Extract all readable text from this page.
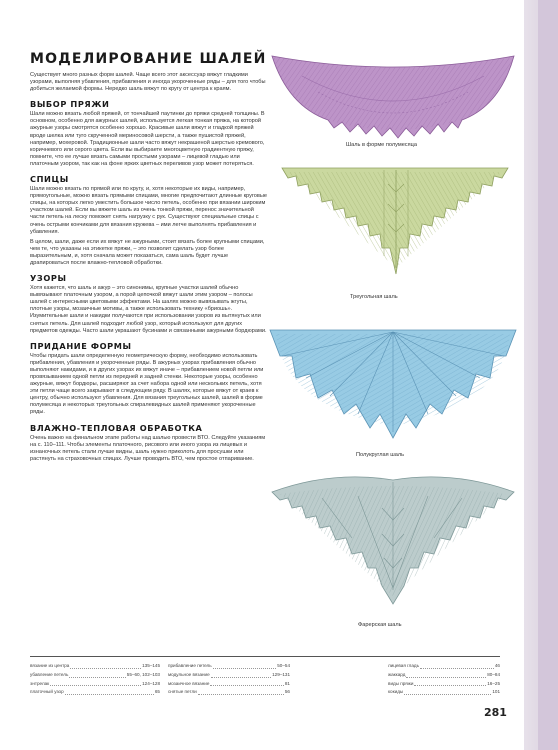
МОДЕЛИРОВАНИЕ ШАЛЕЙ

Существует много разных форм шалей. Чаще всего этот аксессуар вяжут гладкими узорами, выполняя убавления, прибавления и иногда укороченные ряды – для того чтобы добиться желаемой формы. Нередко шаль вяжут по кругу от центра к краям.

ВЫБОР ПРЯЖИ

Шали можно вязать любой пряжей, от тончайшей паутинки до пряжи средней толщины. В основном, особенно для ажурных шалей, используется легкая тонкая пряжа, на которой ажурные узоры смотрятся особенно хорошо. Красивые шали вяжут и гладкой пряжей вроде шелка или туго скрученной мериносовой шерсти, а также пушистой пряжей, например, мохеровой. Традиционные шали часто вяжут некрашеной шерстью кремового, коричневого или серого цвета. Если вы выбираете многоцветную градиентную пряжу, помните, что ее лучше вязать самыми простыми узорами – лицевой гладью или платочным узором, так как на фоне ярких цветных переливов узор может потеряться.

СПИЦЫ

Шали можно вязать по прямой или по кругу, и, хотя некоторые их виды, например, прямоугольные, можно вязать прямыми спицами, многие предпочитают длинные круговые спицы, на которых легко уместить большое число петель, особенно при вязании широким участком шалей. Если вы вяжете шаль из очень тонкой пряжи, перенос значительной части петель на леску поможет снять нагрузку с рук. Существуют специальные спицы с очень острыми кончиками для вязания кружева – ими легче выполнять прибавления и убавления.

В целом, шали, даже если их вяжут не ажурными, стоит вязать более крупными спицами, чем те, что указаны на этикетке пряжи, – это позволит сделать узор более выразительным, и, хотя сначала может показаться, сама шаль будет лучше драпироваться после влажно-тепловой обработки.

УЗОРЫ

Хотя кажется, что шаль и ажур – это синонимы, крупные участки шалей обычно вывязывают платочным узором, а порой цепочкой вяжут шали этим узором – полосы шалей с интересными цветовыми эффектами. На шалях можно вывязывать жгуты, плотные узоры, мозаичные мотивы, а также использовать технику «бриошь». Изумительные шали и накидки получаются при использовании узоров из вытянутых или снятых петель. Для шалей подходит любой узор, который используют для других предметов одежды. Часто шали украшают бусинами и связанными ажурными бордюрами.

ПРИДАНИЕ ФОРМЫ

Чтобы придать шали определенную геометрическую форму, необходимо использовать прибавления, убавления и укороченные ряды. В ажурных узорах прибавления обычно выполняют накидами, и в других узорах их вяжут иначе – прибавлением новой петли или провязыванием одной петли из передней и задней стенки. Некоторые узоры, особенно ажурные, вяжут бордюры, расширяют за счет набора одной или нескольких петель, хотя эти петли чаще всего закрывают в следующем ряду. В шалях, которые вяжут от краев к центру, обычно используют убавления. Для вязания треугольных шалей, шалей в форме полумесяца и некоторых треугольных спиралевидных шалей применяют укороченные ряды.

ВЛАЖНО-ТЕПЛОВАЯ ОБРАБОТКА

Очень важно на финальном этапе работы над шалью провести ВТО. Следуйте указаниям на с. 110–111. Чтобы элементы платочного, рисового или иного узора из лицевых и изнаночных петель стали лучше видны, шаль нужно приколоть для просушки или растянуть на страховочных спицах. Лучше проводить ВТО, чем простое отпаривание.

Шаль в форме полумесяца
Треугольная шаль
Полукруглая шаль
Фарерская шаль
вязание из центра	135–145
убавление петель	55–60, 102–103
энтрелак	124–128
платочный узор	65
прибавление петель	50–54
модульное вязание	129–131
мозаичное вязание	81
снятые петли	56
лицевая гладь	46
жаккард	80–84
виды пряжи	16–25
кокиды	101
281
